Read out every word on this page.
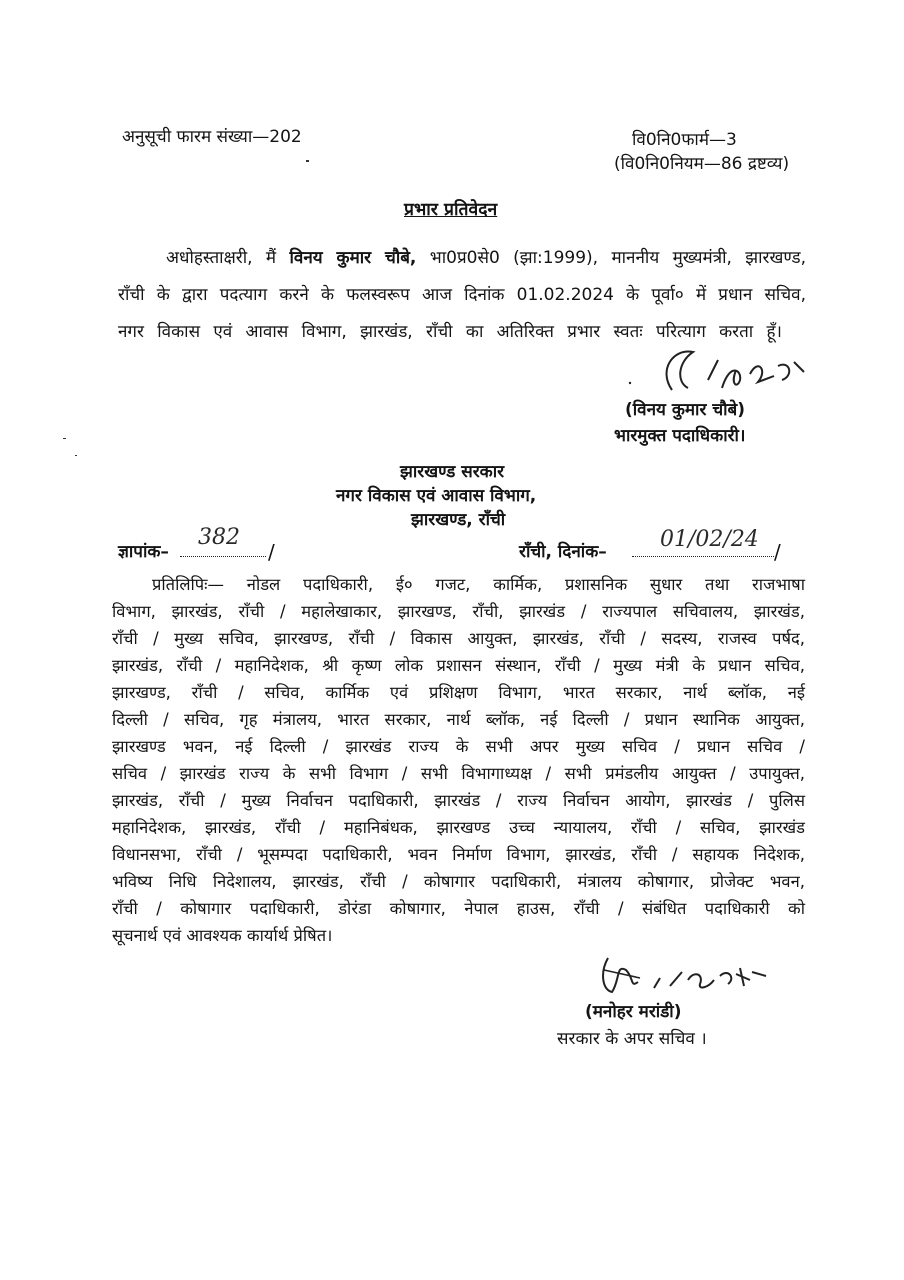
अनुसूची फारम संख्या—202	वि0नि0फार्म—3
(वि0नि0नियम—86 द्रष्टव्य)
प्रभार प्रतिवेदन
अधोहस्ताक्षरी, मैं विनय कुमार चौबे, भा0प्र0से0 (झा:1999), माननीय मुख्यमंत्री, झारखण्ड,
राँची के द्वारा पदत्याग करने के फलस्वरूप आज दिनांक 01.02.2024 के पूर्वा० में प्रधान सचिव,
नगर विकास एवं आवास विभाग, झारखंड, राँची का अतिरिक्त प्रभार स्वतः परित्याग करता हूँ।
(विनय कुमार चौबे)
भारमुक्त पदाधिकारी।
झारखण्ड सरकार
नगर विकास एवं आवास विभाग,
झारखण्ड, राँची
ज्ञापांक–
382
/	राँची, दिनांक– 01/02/24 /
प्रतिलिपिः— नोडल पदाधिकारी, ई० गजट, कार्मिक, प्रशासनिक सुधार तथा राजभाषा
विभाग, झारखंड, राँची / महालेखाकार, झारखण्ड, राँची, झारखंड / राज्यपाल सचिवालय, झारखंड,
राँची / मुख्य सचिव, झारखण्ड, राँची / विकास आयुक्त, झारखंड, राँची / सदस्य, राजस्व पर्षद,
झारखंड, राँची / महानिदेशक, श्री कृष्ण लोक प्रशासन संस्थान, राँची / मुख्य मंत्री के प्रधान सचिव,
झारखण्ड, राँची / सचिव, कार्मिक एवं प्रशिक्षण विभाग, भारत सरकार, नार्थ ब्लॉक, नई
दिल्ली / सचिव, गृह मंत्रालय, भारत सरकार, नार्थ ब्लॉक, नई दिल्ली / प्रधान स्थानिक आयुक्त,
झारखण्ड भवन, नई दिल्ली / झारखंड राज्य के सभी अपर मुख्य सचिव / प्रधान सचिव /
सचिव / झारखंड राज्य के सभी विभाग / सभी विभागाध्यक्ष / सभी प्रमंडलीय आयुक्त / उपायुक्त,
झारखंड, राँची / मुख्य निर्वाचन पदाधिकारी, झारखंड / राज्य निर्वाचन आयोग, झारखंड / पुलिस
महानिदेशक, झारखंड, राँची / महानिबंधक, झारखण्ड उच्च न्यायालय, राँची / सचिव, झारखंड
विधानसभा, राँची / भूसम्पदा पदाधिकारी, भवन निर्माण विभाग, झारखंड, राँची / सहायक निदेशक,
भविष्य निधि निदेशालय, झारखंड, राँची / कोषागार पदाधिकारी, मंत्रालय कोषागार, प्रोजेक्ट भवन,
राँची / कोषागार पदाधिकारी, डोरंडा कोषागार, नेपाल हाउस, राँची / संबंधित पदाधिकारी को
सूचनार्थ एवं आवश्यक कार्यार्थ प्रेषित।
(मनोहर मरांडी)
सरकार के अपर सचिव ।
